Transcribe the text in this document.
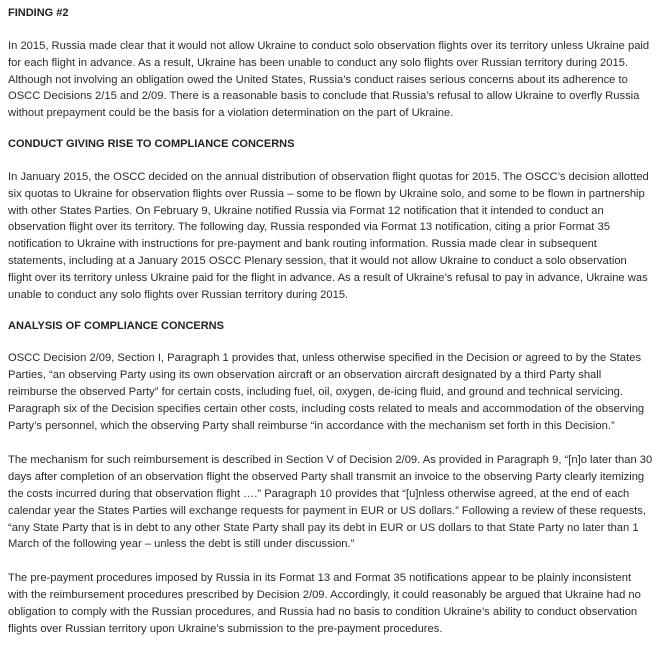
FINDING #2

In 2015, Russia made clear that it would not allow Ukraine to conduct solo observation flights over its territory unless Ukraine paid for each flight in advance. As a result, Ukraine has been unable to conduct any solo flights over Russian territory during 2015. Although not involving an obligation owed the United States, Russia’s conduct raises serious concerns about its adherence to OSCC Decisions 2/15 and 2/09. There is a reasonable basis to conclude that Russia’s refusal to allow Ukraine to overfly Russia without prepayment could be the basis for a violation determination on the part of Ukraine.

CONDUCT GIVING RISE TO COMPLIANCE CONCERNS

In January 2015, the OSCC decided on the annual distribution of observation flight quotas for 2015. The OSCC’s decision allotted six quotas to Ukraine for observation flights over Russia – some to be flown by Ukraine solo, and some to be flown in partnership with other States Parties. On February 9, Ukraine notified Russia via Format 12 notification that it intended to conduct an observation flight over its territory. The following day, Russia responded via Format 13 notification, citing a prior Format 35 notification to Ukraine with instructions for pre-payment and bank routing information. Russia made clear in subsequent statements, including at a January 2015 OSCC Plenary session, that it would not allow Ukraine to conduct a solo observation flight over its territory unless Ukraine paid for the flight in advance. As a result of Ukraine’s refusal to pay in advance, Ukraine was unable to conduct any solo flights over Russian territory during 2015.

ANALYSIS OF COMPLIANCE CONCERNS

OSCC Decision 2/09, Section I, Paragraph 1 provides that, unless otherwise specified in the Decision or agreed to by the States Parties, “an observing Party using its own observation aircraft or an observation aircraft designated by a third Party shall reimburse the observed Party” for certain costs, including fuel, oil, oxygen, de-icing fluid, and ground and technical servicing. Paragraph six of the Decision specifies certain other costs, including costs related to meals and accommodation of the observing Party’s personnel, which the observing Party shall reimburse “in accordance with the mechanism set forth in this Decision.”

The mechanism for such reimbursement is described in Section V of Decision 2/09. As provided in Paragraph 9, “[n]o later than 30 days after completion of an observation flight the observed Party shall transmit an invoice to the observing Party clearly itemizing the costs incurred during that observation flight ….” Paragraph 10 provides that “[u]nless otherwise agreed, at the end of each calendar year the States Parties will exchange requests for payment in EUR or US dollars.” Following a review of these requests, “any State Party that is in debt to any other State Party shall pay its debt in EUR or US dollars to that State Party no later than 1 March of the following year – unless the debt is still under discussion.”

The pre-payment procedures imposed by Russia in its Format 13 and Format 35 notifications appear to be plainly inconsistent with the reimbursement procedures prescribed by Decision 2/09. Accordingly, it could reasonably be argued that Ukraine had no obligation to comply with the Russian procedures, and Russia had no basis to condition Ukraine’s ability to conduct observation flights over Russian territory upon Ukraine’s submission to the pre-payment procedures.
